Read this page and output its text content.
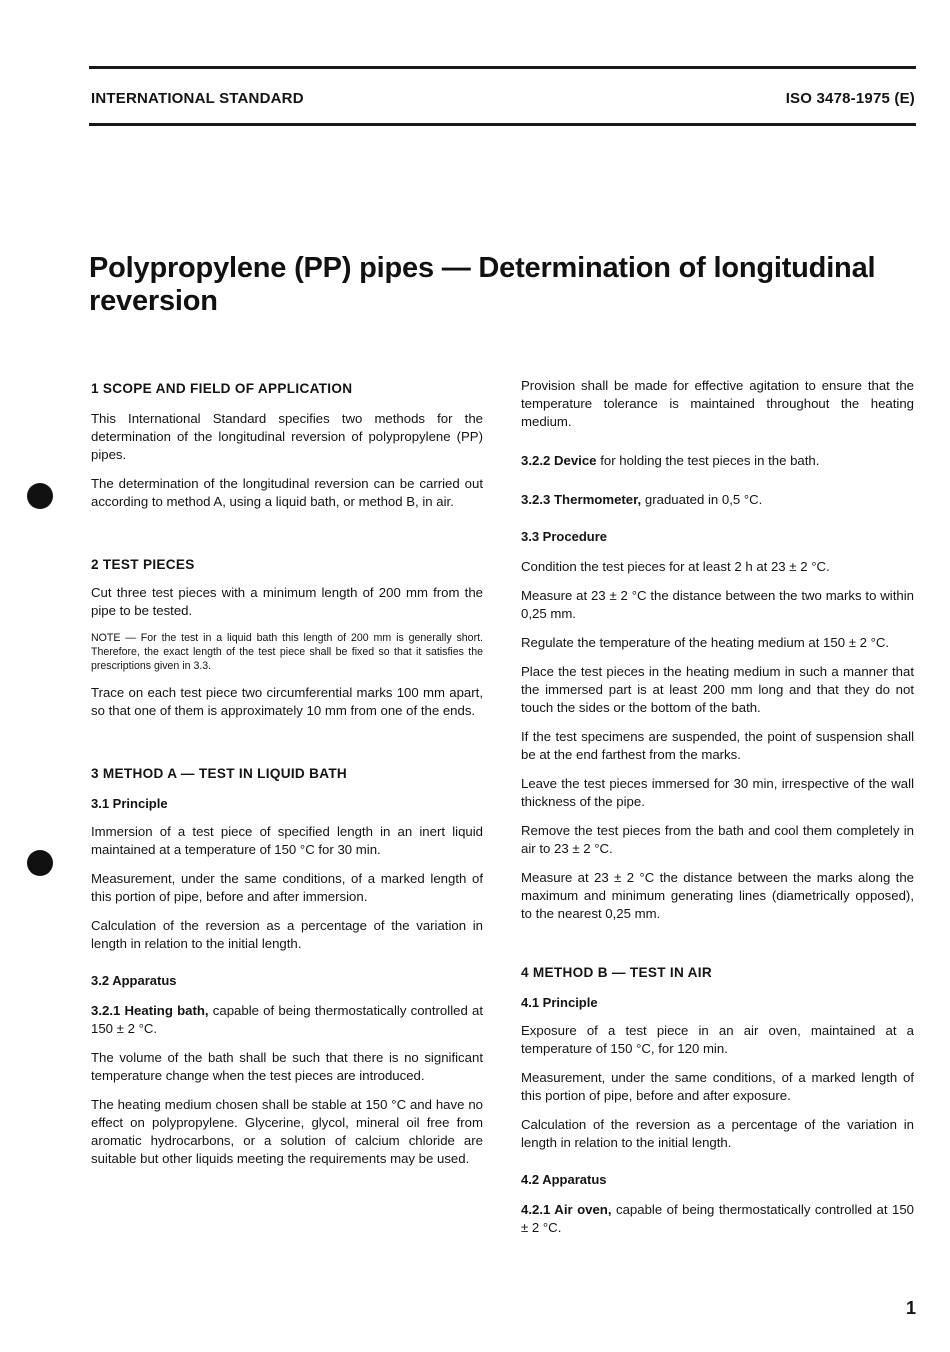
INTERNATIONAL STANDARD	ISO 3478-1975 (E)
Polypropylene (PP) pipes — Determination of longitudinal reversion
1 SCOPE AND FIELD OF APPLICATION

This International Standard specifies two methods for the determination of the longitudinal reversion of polypropylene (PP) pipes.

The determination of the longitudinal reversion can be carried out according to method A, using a liquid bath, or method B, in air.

2 TEST PIECES

Cut three test pieces with a minimum length of 200 mm from the pipe to be tested.

NOTE — For the test in a liquid bath this length of 200 mm is generally short. Therefore, the exact length of the test piece shall be fixed so that it satisfies the prescriptions given in 3.3.

Trace on each test piece two circumferential marks 100 mm apart, so that one of them is approximately 10 mm from one of the ends.

3 METHOD A — TEST IN LIQUID BATH
3.1 Principle

Immersion of a test piece of specified length in an inert liquid maintained at a temperature of 150 °C for 30 min.

Measurement, under the same conditions, of a marked length of this portion of pipe, before and after immersion.

Calculation of the reversion as a percentage of the variation in length in relation to the initial length.

3.2 Apparatus

3.2.1 Heating bath, capable of being thermostatically controlled at 150 ± 2 °C.

The volume of the bath shall be such that there is no significant temperature change when the test pieces are introduced.

The heating medium chosen shall be stable at 150 °C and have no effect on polypropylene. Glycerine, glycol, mineral oil free from aromatic hydrocarbons, or a solution of calcium chloride are suitable but other liquids meeting the requirements may be used.

Provision shall be made for effective agitation to ensure that the temperature tolerance is maintained throughout the heating medium.

3.2.2 Device for holding the test pieces in the bath.

3.2.3 Thermometer, graduated in 0,5 °C.

3.3 Procedure

Condition the test pieces for at least 2 h at 23 ± 2 °C.

Measure at 23 ± 2 °C the distance between the two marks to within 0,25 mm.

Regulate the temperature of the heating medium at 150 ± 2 °C.

Place the test pieces in the heating medium in such a manner that the immersed part is at least 200 mm long and that they do not touch the sides or the bottom of the bath.

If the test specimens are suspended, the point of suspension shall be at the end farthest from the marks.

Leave the test pieces immersed for 30 min, irrespective of the wall thickness of the pipe.

Remove the test pieces from the bath and cool them completely in air to 23 ± 2 °C.

Measure at 23 ± 2 °C the distance between the marks along the maximum and minimum generating lines (diametrically opposed), to the nearest 0,25 mm.

4 METHOD B — TEST IN AIR
4.1 Principle

Exposure of a test piece in an air oven, maintained at a temperature of 150 °C, for 120 min.

Measurement, under the same conditions, of a marked length of this portion of pipe, before and after exposure.

Calculation of the reversion as a percentage of the variation in length in relation to the initial length.

4.2 Apparatus

4.2.1 Air oven, capable of being thermostatically controlled at 150 ± 2 °C.

1
